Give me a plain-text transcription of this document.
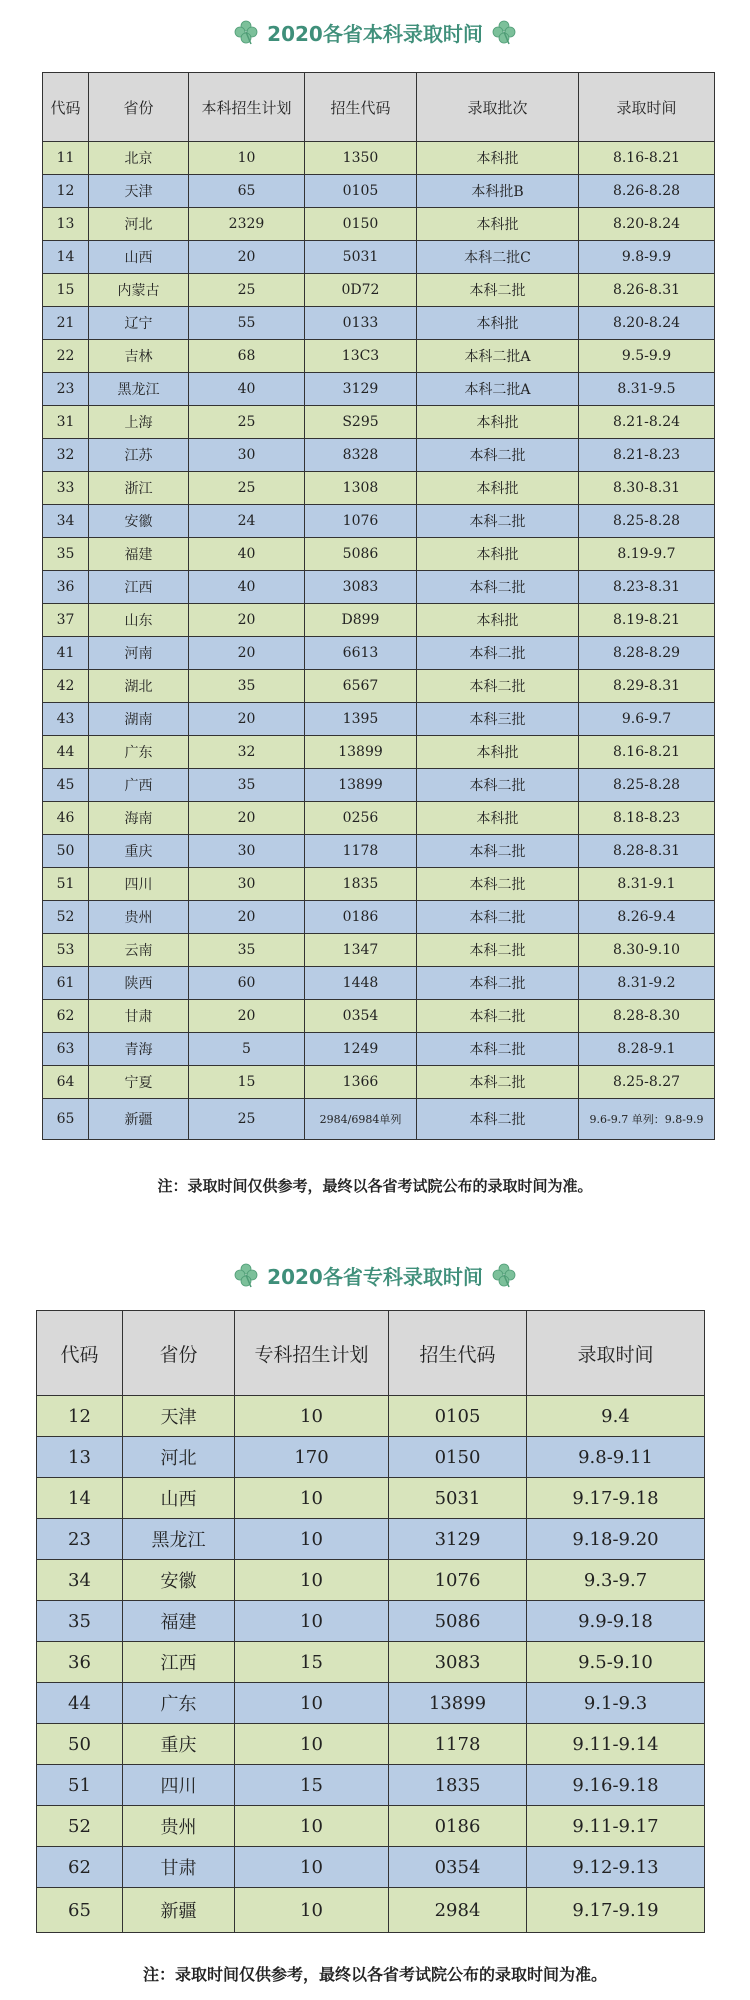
2020各省本科录取时间
代码	省份	本科招生计划	招生代码	录取批次	录取时间
11	北京	10	1350	本科批	8.16-8.21
12	天津	65	0105	本科批B	8.26-8.28
13	河北	2329	0150	本科批	8.20-8.24
14	山西	20	5031	本科二批C	9.8-9.9
15	内蒙古	25	0D72	本科二批	8.26-8.31
21	辽宁	55	0133	本科批	8.20-8.24
22	吉林	68	13C3	本科二批A	9.5-9.9
23	黑龙江	40	3129	本科二批A	8.31-9.5
31	上海	25	S295	本科批	8.21-8.24
32	江苏	30	8328	本科二批	8.21-8.23
33	浙江	25	1308	本科批	8.30-8.31
34	安徽	24	1076	本科二批	8.25-8.28
35	福建	40	5086	本科批	8.19-9.7
36	江西	40	3083	本科二批	8.23-8.31
37	山东	20	D899	本科批	8.19-8.21
41	河南	20	6613	本科二批	8.28-8.29
42	湖北	35	6567	本科二批	8.29-8.31
43	湖南	20	1395	本科三批	9.6-9.7
44	广东	32	13899	本科批	8.16-8.21
45	广西	35	13899	本科二批	8.25-8.28
46	海南	20	0256	本科批	8.18-8.23
50	重庆	30	1178	本科二批	8.28-8.31
51	四川	30	1835	本科二批	8.31-9.1
52	贵州	20	0186	本科二批	8.26-9.4
53	云南	35	1347	本科二批	8.30-9.10
61	陕西	60	1448	本科二批	8.31-9.2
62	甘肃	20	0354	本科二批	8.28-8.30
63	青海	5	1249	本科二批	8.28-9.1
64	宁夏	15	1366	本科二批	8.25-8.27
65	新疆	25	2984/6984单列	本科二批	9.6-9.7 单列：9.8-9.9
注：录取时间仅供参考，最终以各省考试院公布的录取时间为准。
2020各省专科录取时间
代码	省份	专科招生计划	招生代码	录取时间
12	天津	10	0105	9.4
13	河北	170	0150	9.8-9.11
14	山西	10	5031	9.17-9.18
23	黑龙江	10	3129	9.18-9.20
34	安徽	10	1076	9.3-9.7
35	福建	10	5086	9.9-9.18
36	江西	15	3083	9.5-9.10
44	广东	10	13899	9.1-9.3
50	重庆	10	1178	9.11-9.14
51	四川	15	1835	9.16-9.18
52	贵州	10	0186	9.11-9.17
62	甘肃	10	0354	9.12-9.13
65	新疆	10	2984	9.17-9.19
注：录取时间仅供参考，最终以各省考试院公布的录取时间为准。
